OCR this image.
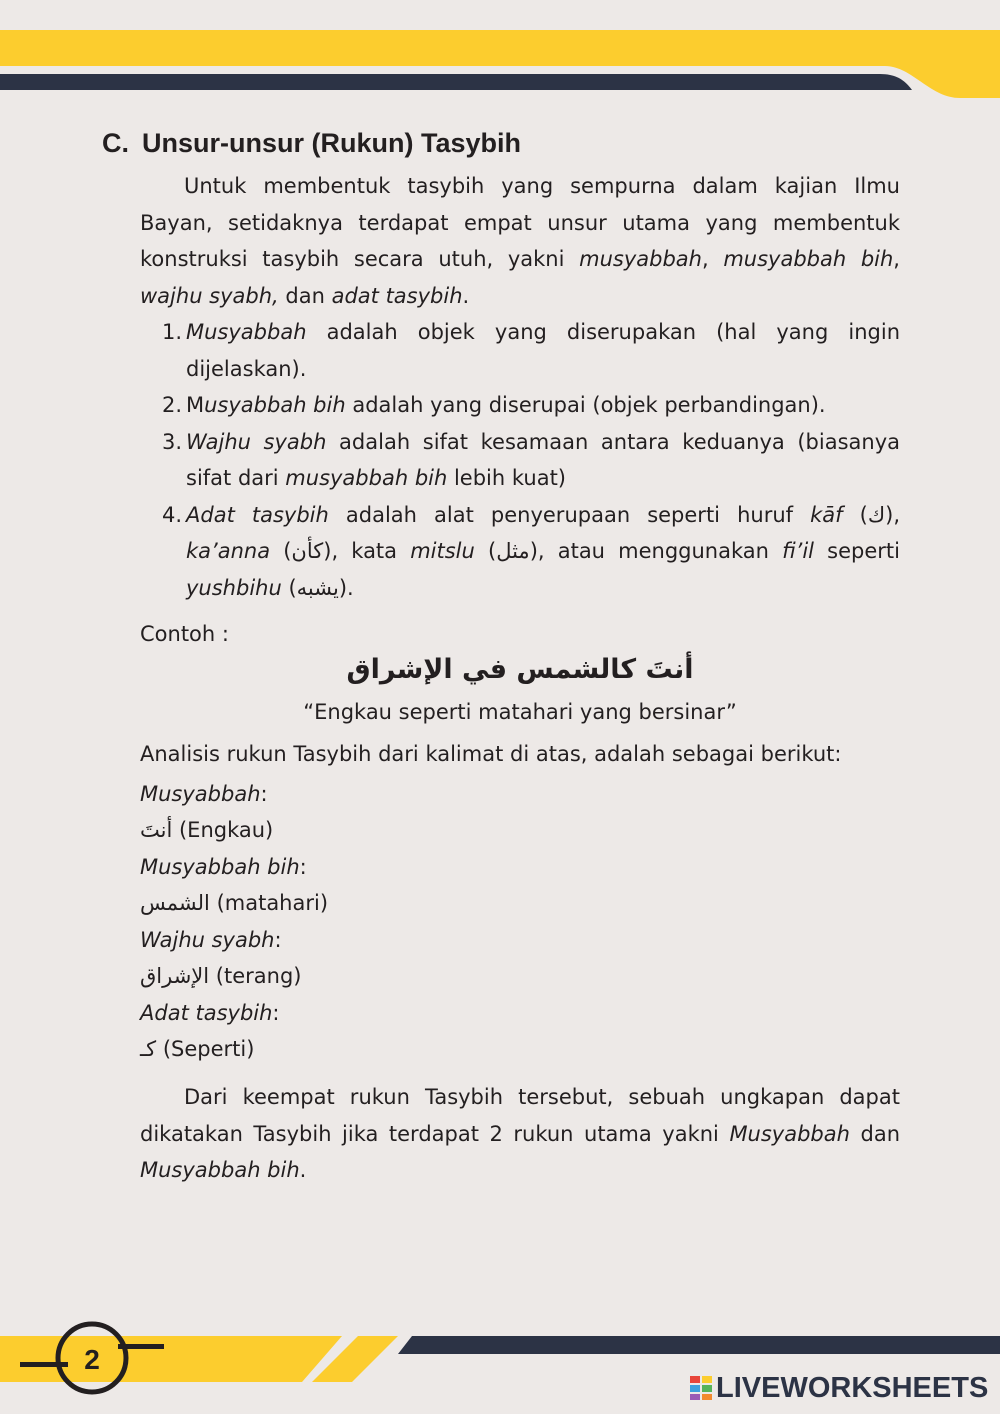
C. Unsur-unsur (Rukun) Tasybih
Untuk membentuk tasybih yang sempurna dalam kajian Ilmu Bayan, setidaknya terdapat empat unsur utama yang membentuk konstruksi tasybih secara utuh, yakni musyabbah, musyabbah bih, wajhu syabh, dan adat tasybih.
1. Musyabbah adalah objek yang diserupakan (hal yang ingin dijelaskan).
2. Musyabbah bih adalah yang diserupai (objek perbandingan).
3. Wajhu syabh adalah sifat kesamaan antara keduanya (biasanya sifat dari musyabbah bih lebih kuat)
4. Adat tasybih adalah alat penyerupaan seperti huruf kāf (ك), ka’anna (كأن), kata mitslu (مثل), atau menggunakan fi’il seperti yushbihu (يشبه).
Contoh :
أنتَ كالشمس في الإشراق
“Engkau seperti matahari yang bersinar”
Analisis rukun Tasybih dari kalimat di atas, adalah sebagai berikut:
Musyabbah:
أنتَ (Engkau)
Musyabbah bih:
الشمس (matahari)
Wajhu syabh:
الإشراق (terang)
Adat tasybih:
كـ (Seperti)
Dari keempat rukun Tasybih tersebut, sebuah ungkapan dapat dikatakan Tasybih jika terdapat 2 rukun utama yakni Musyabbah dan Musyabbah bih.
2
LIVEWORKSHEETS
